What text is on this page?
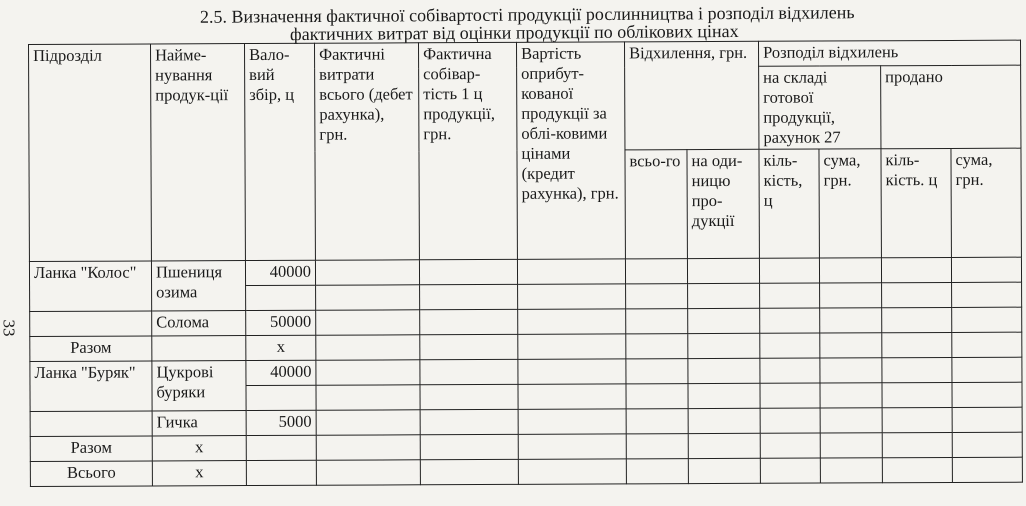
2.5. Визначення фактичної собівартості продукції рослинництва і розподіл відхилень
фактичних витрат від оцінки продукції по облікових цінах
33
Підрозділ	Найме-нування продук-ції	Вало-вий збір, ц	Фактичні витрати всього (дебет рахунка), грн.	Фактична собівар-тість 1 ц продукції, грн.	Вартість оприбут-кованої продукції за облі-ковими цінами (кредит рахунка), грн.	Відхилення, грн.		Розподіл відхилень			
								на складі готової продукції, рахунок 27		продано	
						всьо-го	на оди-ницю про-дукції	кіль-кість, ц	сума, грн.	кіль-кість. ц	сума, грн.
Ланка "Колос"	Пшениця озима	40000									

	Солома	50000									
Разом		x									
Ланка "Буряк"	Цукрові буряки	40000									

	Гичка	5000									
Разом	x										
Всього	x										
